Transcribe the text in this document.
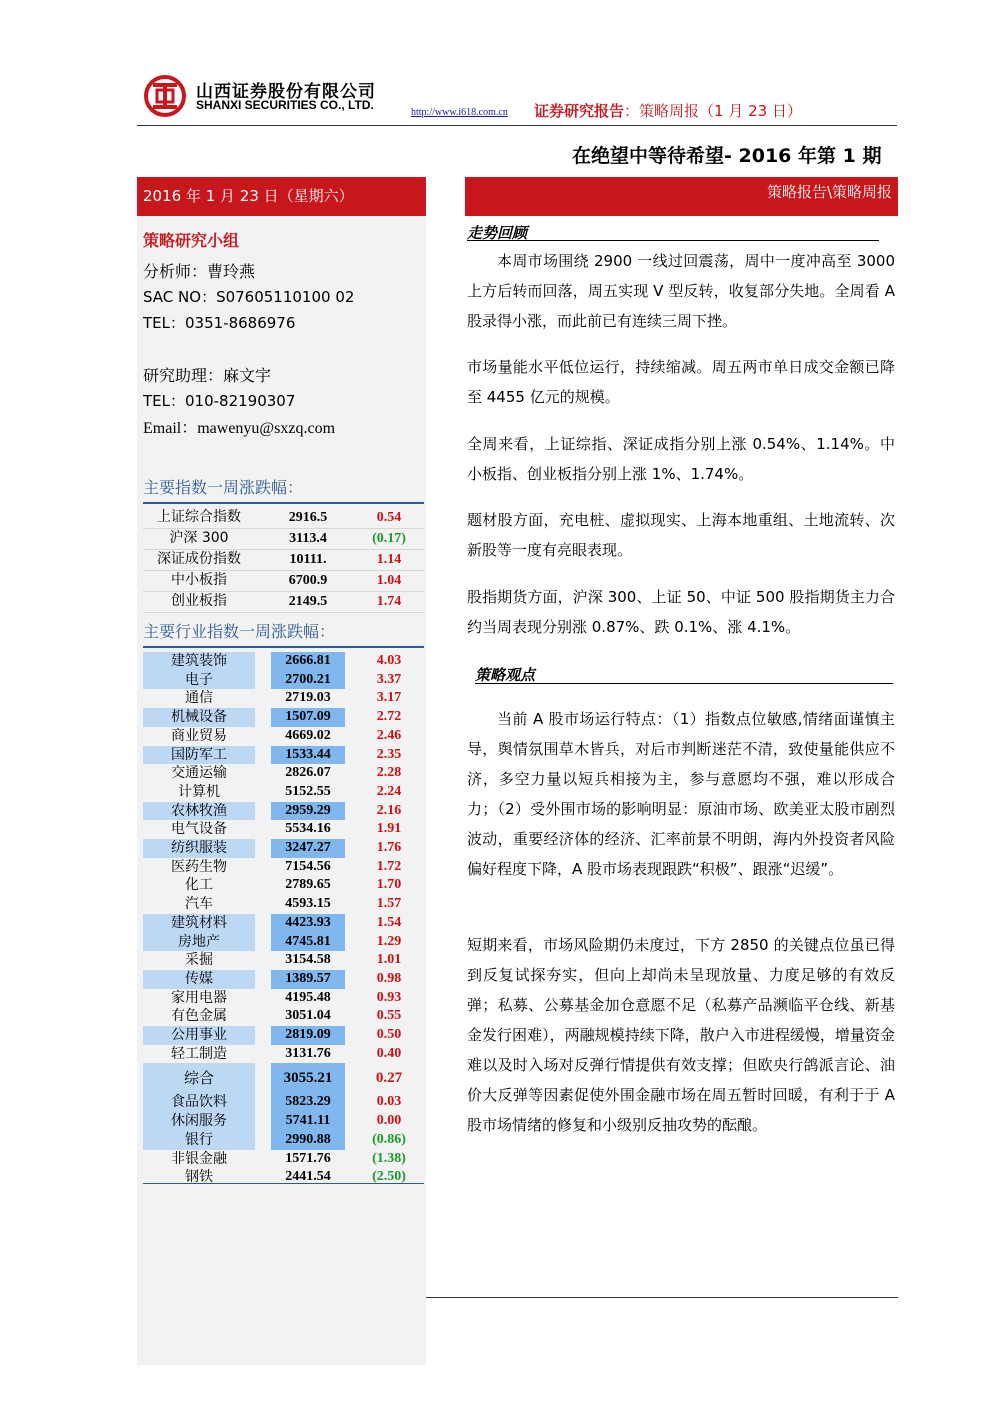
山西证券股份有限公司
SHANXI SECURITIES CO., LTD.
http://www.i618.com.cn 证券研究报告：策略周报（1 月 23 日）
在绝望中等待希望- 2016 年第 1 期
2016 年 1 月 23 日（星期六）
策略研究小组
分析师：曹玲燕
SAC NO：S07605110100 02
TEL：0351-8686976
研究助理：麻文宇
TEL：010-82190307
Email：mawenyu@sxzq.com
主要指数一周涨跌幅：
上证综合指数	2916.5	0.54
沪深 300	3113.4	(0.17)
深证成份指数	10111.	1.14
中小板指	6700.9	1.04
创业板指	2149.5	1.74
主要行业指数一周涨跌幅：
建筑装饰	2666.81	4.03
电子	2700.21	3.37
通信	2719.03	3.17
机械设备	1507.09	2.72
商业贸易	4669.02	2.46
国防军工	1533.44	2.35
交通运输	2826.07	2.28
计算机	5152.55	2.24
农林牧渔	2959.29	2.16
电气设备	5534.16	1.91
纺织服装	3247.27	1.76
医药生物	7154.56	1.72
化工	2789.65	1.70
汽车	4593.15	1.57
建筑材料	4423.93	1.54
房地产	4745.81	1.29
采掘	3154.58	1.01
传媒	1389.57	0.98
家用电器	4195.48	0.93
有色金属	3051.04	0.55
公用事业	2819.09	0.50
轻工制造	3131.76	0.40
综合	3055.21	0.27
食品饮料	5823.29	0.03
休闲服务	5741.11	0.00
银行	2990.88	(0.86)
非银金融	1571.76	(1.38)
钢铁	2441.54	(2.50)
策略报告\策略周报
走势回顾
本周市场围绕 2900 一线过回震荡，周中一度冲高至 3000 上方后转而回落，周五实现 V 型反转，收复部分失地。全周看 A 股录得小涨，而此前已有连续三周下挫。
市场量能水平低位运行，持续缩减。周五两市单日成交金额已降至 4455 亿元的规模。
全周来看，上证综指、深证成指分别上涨 0.54%、1.14%。中小板指、创业板指分别上涨 1%、1.74%。
题材股方面，充电桩、虚拟现实、上海本地重组、土地流转、次新股等一度有亮眼表现。
股指期货方面，沪深 300、上证 50、中证 500 股指期货主力合约当周表现分别涨 0.87%、跌 0.1%、涨 4.1%。
策略观点
当前 A 股市场运行特点：（1）指数点位敏感,情绪面谨慎主导，舆情氛围草木皆兵，对后市判断迷茫不清，致使量能供应不济，多空力量以短兵相接为主，参与意愿均不强，难以形成合力；（2）受外围市场的影响明显：原油市场、欧美亚太股市剧烈波动，重要经济体的经济、汇率前景不明朗，海内外投资者风险偏好程度下降，A 股市场表现跟跌“积极”、跟涨“迟缓”。
短期来看，市场风险期仍未度过，下方 2850 的关键点位虽已得到反复试探夯实，但向上却尚未呈现放量、力度足够的有效反弹；私募、公募基金加仓意愿不足（私募产品濒临平仓线、新基金发行困难），两融规模持续下降，散户入市进程缓慢，增量资金难以及时入场对反弹行情提供有效支撑；但欧央行鸽派言论、油价大反弹等因素促使外围金融市场在周五暂时回暖，有利于于 A 股市场情绪的修复和小级别反抽攻势的酝酿。
